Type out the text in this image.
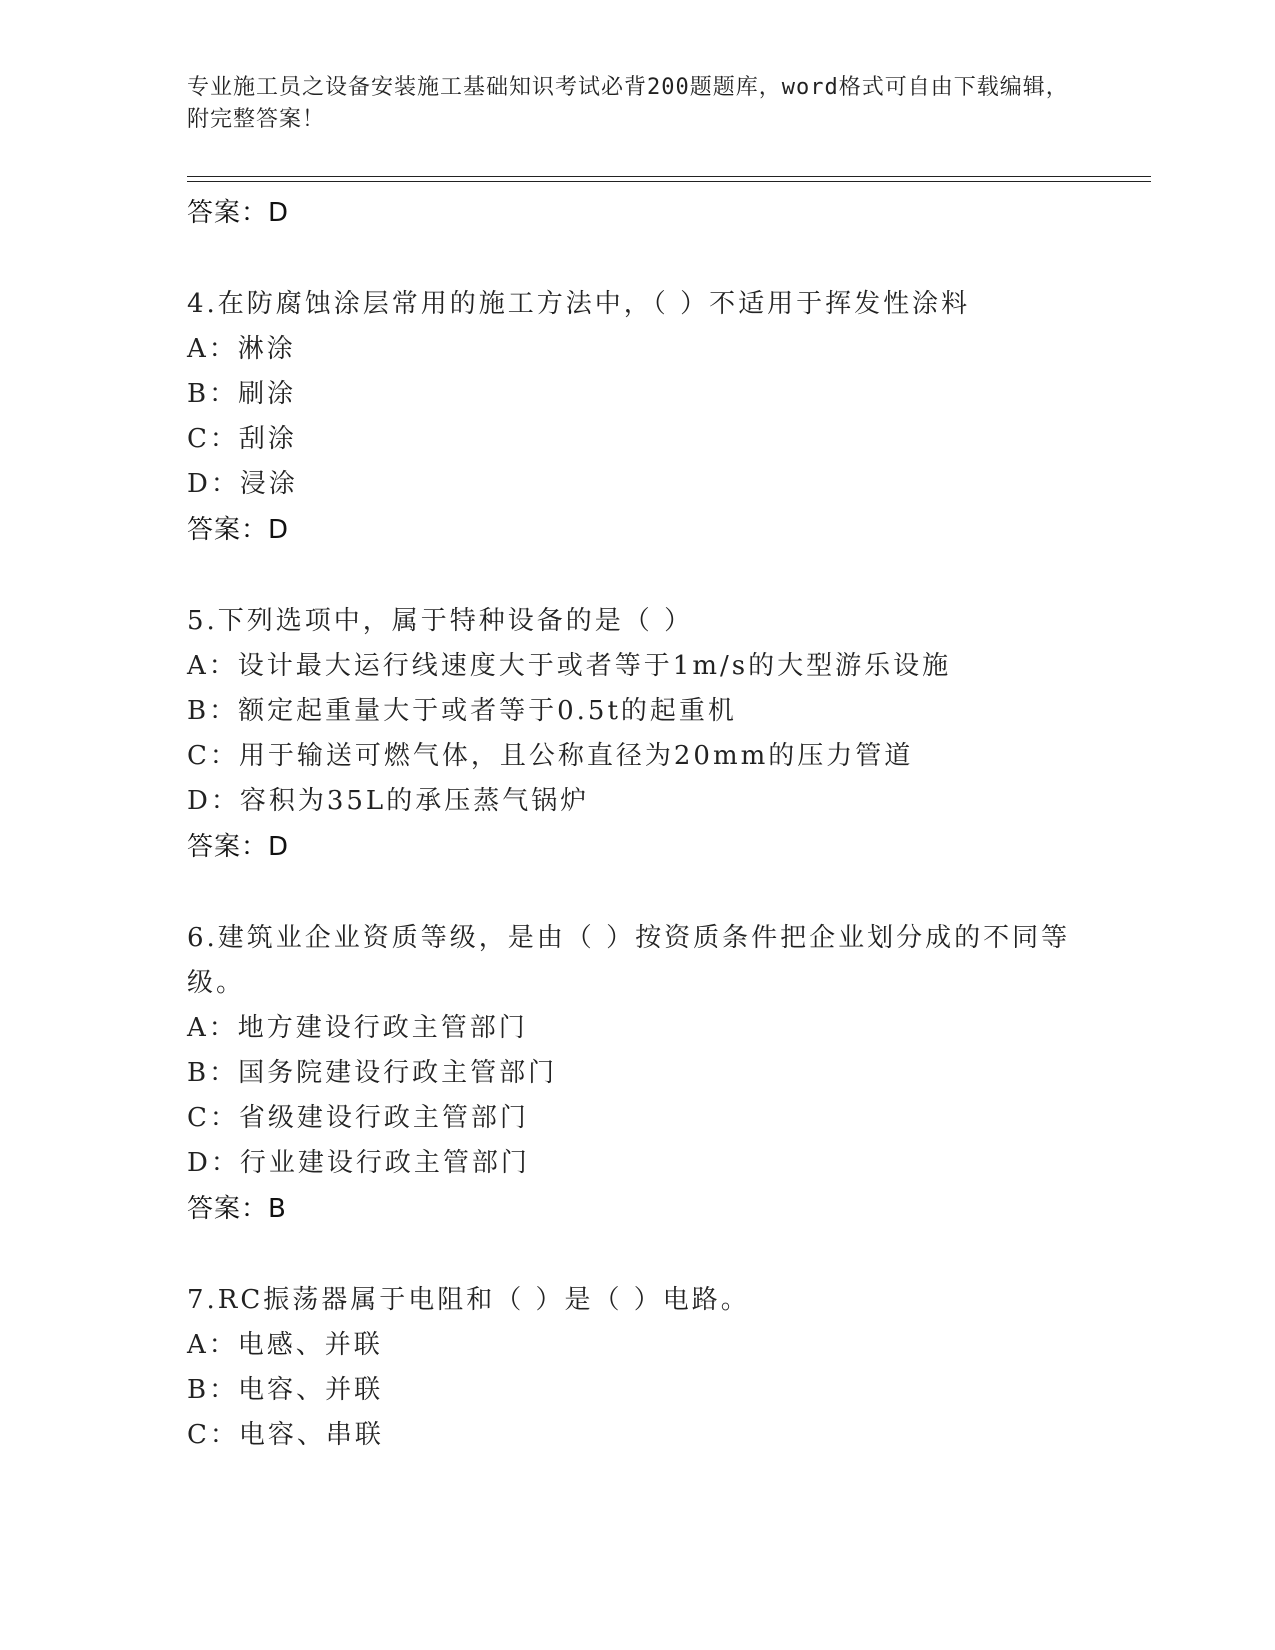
专业施工员之设备安装施工基础知识考试必背200题题库，word格式可自由下载编辑，附完整答案！
答案：D

4.在防腐蚀涂层常用的施工方法中，（ ）不适用于挥发性涂料

A：淋涂

B：刷涂

C：刮涂

D：浸涂

答案：D

5.下列选项中，属于特种设备的是（ ）

A：设计最大运行线速度大于或者等于1m/s的大型游乐设施

B：额定起重量大于或者等于0.5t的起重机

C：用于输送可燃气体，且公称直径为20mm的压力管道

D：容积为35L的承压蒸气锅炉

答案：D

6.建筑业企业资质等级，是由（ ）按资质条件把企业划分成的不同等级。

A：地方建设行政主管部门

B：国务院建设行政主管部门

C：省级建设行政主管部门

D：行业建设行政主管部门

答案：B

7.RC振荡器属于电阻和（ ）是（ ）电路。

A：电感、并联

B：电容、并联

C：电容、串联
